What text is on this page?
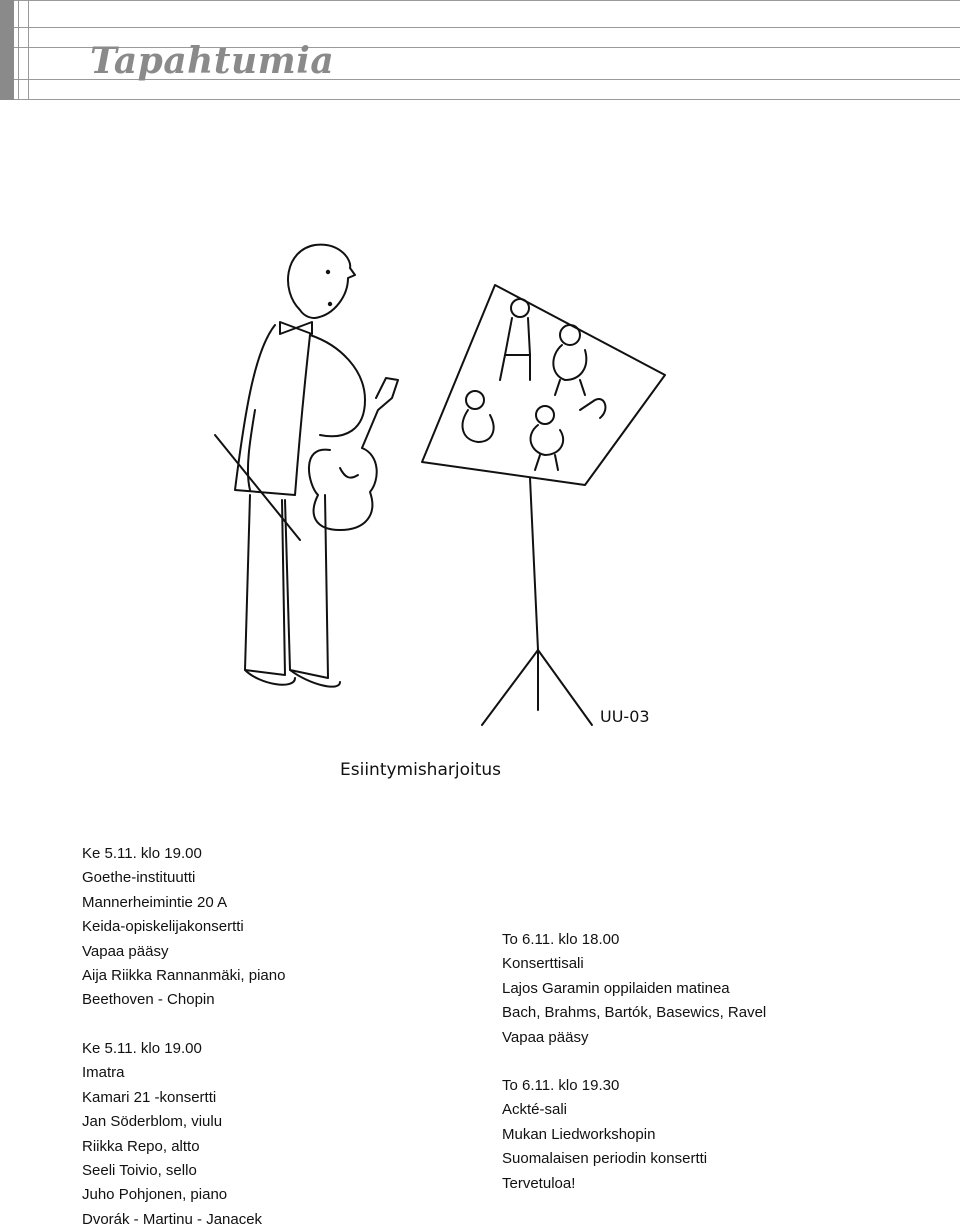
Tapahtumia
UU-03
Esiintymisharjoitus
Ke 5.11. klo 19.00
Goethe-instituutti
Mannerheimintie 20 A
Keida-opiskelijakonsertti
Vapaa pääsy
Aija Riikka Rannanmäki, piano
Beethoven - Chopin
Ke 5.11. klo 19.00
Imatra
Kamari 21 -konsertti
Jan Söderblom, viulu
Riikka Repo, altto
Seeli Toivio, sello
Juho Pohjonen, piano
Dvorák - Martinu - Janacek
To 6.11. klo 18.00
Konserttisali
Lajos Garamin oppilaiden matinea
Bach, Brahms, Bartók, Basewics, Ravel
Vapaa pääsy
To 6.11. klo 19.30
Ackté-sali
Mukan Liedworkshopin
Suomalaisen periodin konsertti
Tervetuloa!
